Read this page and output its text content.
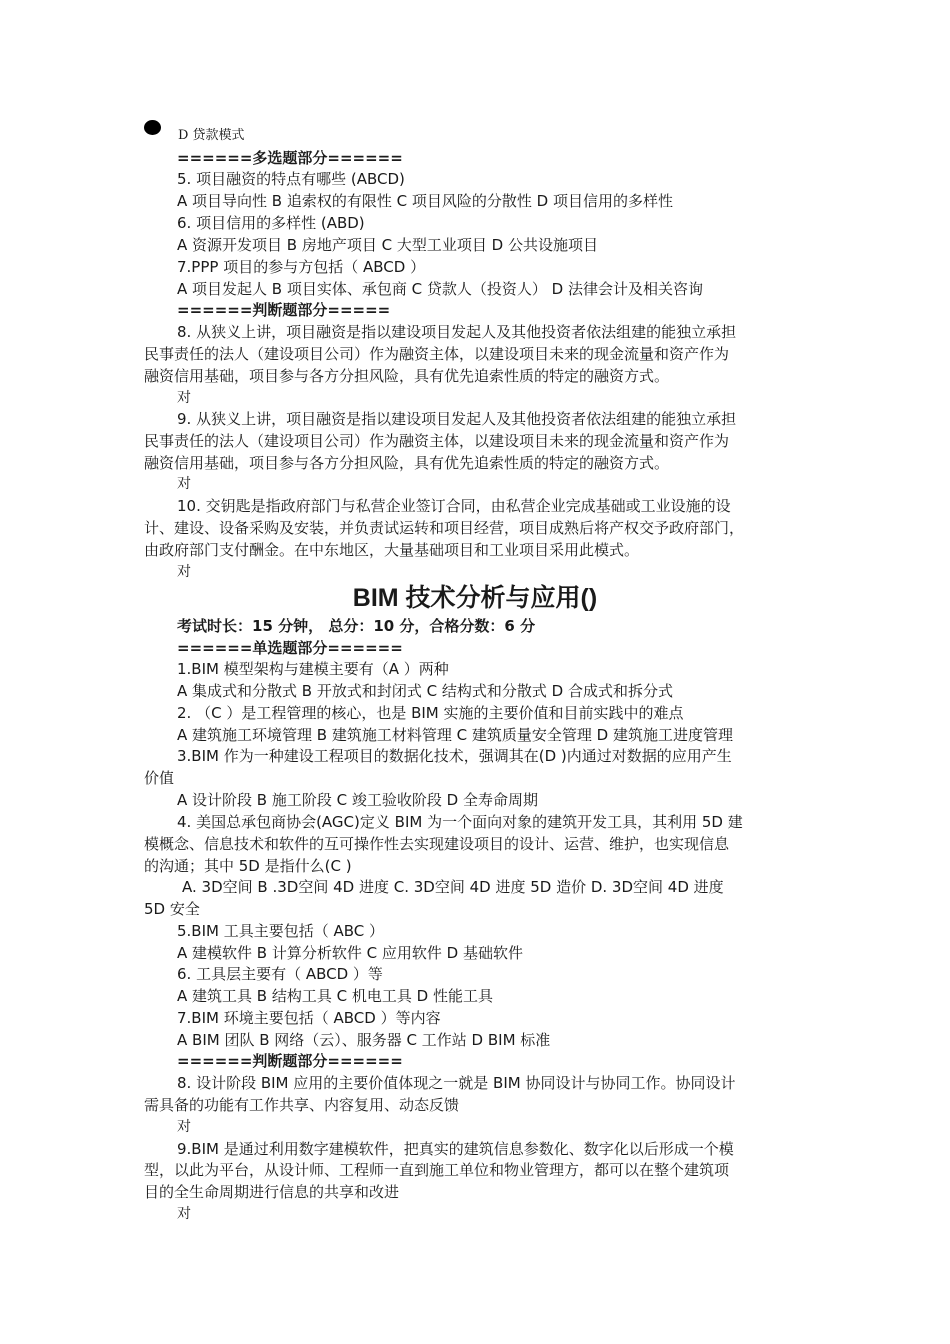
D 贷款模式
======多选题部分======
5. 项目融资的特点有哪些 (ABCD)
A 项目导向性 B 追索权的有限性 C 项目风险的分散性 D 项目信用的多样性
6. 项目信用的多样性 (ABD)
A 资源开发项目 B 房地产项目 C 大型工业项目 D 公共设施项目
7.PPP 项目的参与方包括（ ABCD ）
A 项目发起人 B 项目实体、承包商 C 贷款人（投资人） D 法律会计及相关咨询
======判断题部分=====
8. 从狭义上讲，项目融资是指以建设项目发起人及其他投资者依法组建的能独立承担
民事责任的法人（建设项目公司）作为融资主体，以建设项目未来的现金流量和资产作为
融资信用基础，项目参与各方分担风险，具有优先追索性质的特定的融资方式。
对
9. 从狭义上讲，项目融资是指以建设项目发起人及其他投资者依法组建的能独立承担
民事责任的法人（建设项目公司）作为融资主体，以建设项目未来的现金流量和资产作为
融资信用基础，项目参与各方分担风险，具有优先追索性质的特定的融资方式。
对
10. 交钥匙是指政府部门与私营企业签订合同，由私营企业完成基础或工业设施的设
计、建设、设备采购及安装，并负责试运转和项目经营，项目成熟后将产权交予政府部门，
由政府部门支付酬金。在中东地区，大量基础项目和工业项目采用此模式。
对
BIM 技术分析与应用()
考试时长：15 分钟， 总分：10 分，合格分数：6 分
======单选题部分======
1.BIM 模型架构与建模主要有（A ）两种
A 集成式和分散式 B 开放式和封闭式 C 结构式和分散式 D 合成式和拆分式
2. （C ）是工程管理的核心，也是 BIM 实施的主要价值和目前实践中的难点
A 建筑施工环境管理 B 建筑施工材料管理 C 建筑质量安全管理 D 建筑施工进度管理
3.BIM 作为一种建设工程项目的数据化技术，强调其在(D )内通过对数据的应用产生
价值
A 设计阶段 B 施工阶段 C 竣工验收阶段 D 全寿命周期
4. 美国总承包商协会(AGC)定义 BIM 为一个面向对象的建筑开发工具，其利用 5D 建
模概念、信息技术和软件的互可操作性去实现建设项目的设计、运营、维护，也实现信息
的沟通；其中 5D 是指什么(C )
A. 3D空间 B .3D空间 4D 进度 C. 3D空间 4D 进度 5D 造价 D. 3D空间 4D 进度
5D 安全
5.BIM 工具主要包括（ ABC ）
A 建模软件 B 计算分析软件 C 应用软件 D 基础软件
6. 工具层主要有（ ABCD ）等
A 建筑工具 B 结构工具 C 机电工具 D 性能工具
7.BIM 环境主要包括（ ABCD ）等内容
A BIM 团队 B 网络（云）、服务器 C 工作站 D BIM 标准
======判断题部分======
8. 设计阶段 BIM 应用的主要价值体现之一就是 BIM 协同设计与协同工作。协同设计
需具备的功能有工作共享、内容复用、动态反馈
对
9.BIM 是通过利用数字建模软件，把真实的建筑信息参数化、数字化以后形成一个模
型，以此为平台，从设计师、工程师一直到施工单位和物业管理方，都可以在整个建筑项
目的全生命周期进行信息的共享和改进
对
